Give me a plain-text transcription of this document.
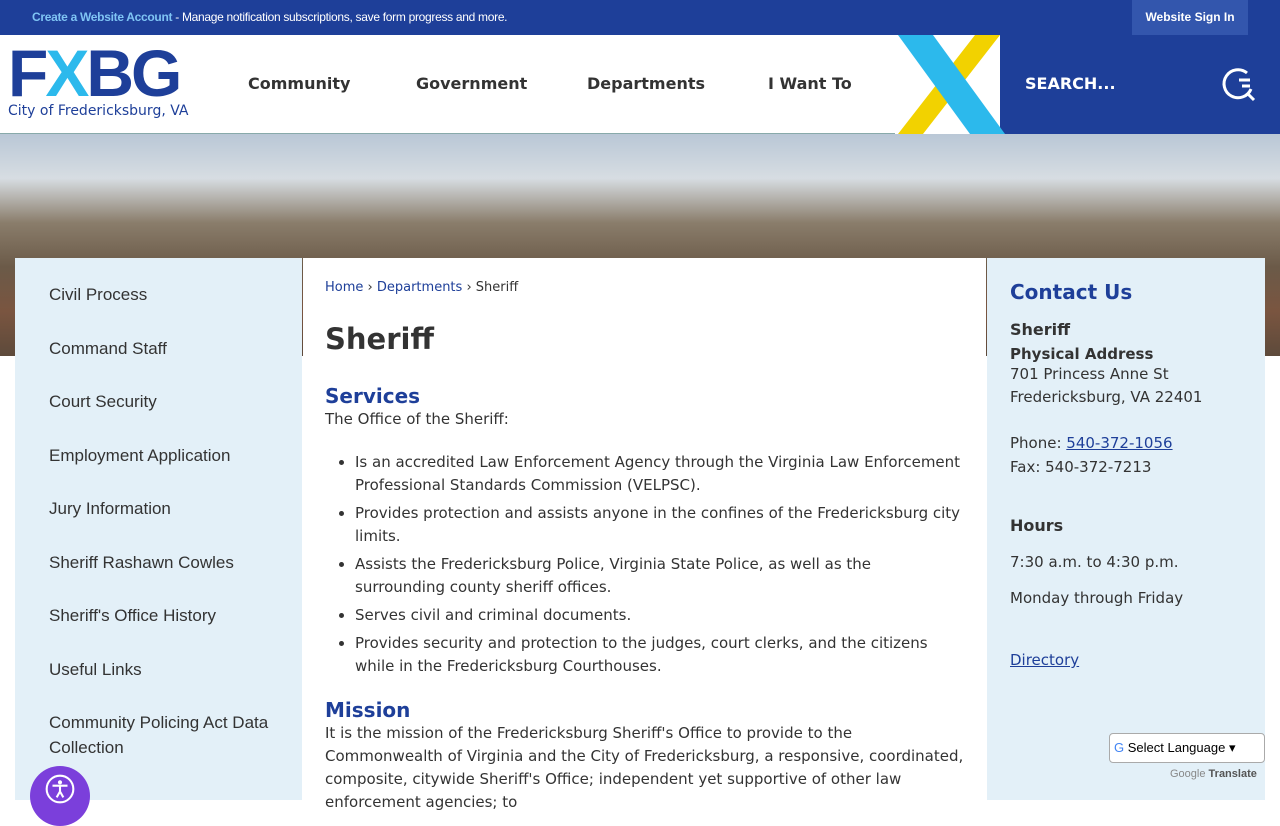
Create a Website Account - Manage notification subscriptions, save form progress and more.	Website Sign In
FXBG
City of Fredericksburg, VA
Community	Government	Departments	I Want To	SEARCH...
Civil Process
Command Staff
Court Security
Employment Application
Jury Information
Sheriff Rashawn Cowles
Sheriff's Office History
Useful Links
Community Policing Act Data Collection
Home › Departments › Sheriff
Sheriff
Services

The Office of the Sheriff:

• Is an accredited Law Enforcement Agency through the Virginia Law Enforcement Professional Standards Commission (VELPSC).
• Provides protection and assists anyone in the confines of the Fredericksburg city limits.
• Assists the Fredericksburg Police, Virginia State Police, as well as the surrounding county sheriff offices.
• Serves civil and criminal documents.
• Provides security and protection to the judges, court clerks, and the citizens while in the Fredericksburg Courthouses.
Mission

It is the mission of the Fredericksburg Sheriff's Office to provide to the Commonwealth of Virginia and the City of Fredericksburg, a responsive, coordinated, composite, citywide Sheriff's Office; independent yet supportive of other law enforcement agencies; to

Contact Us
Sheriff
Physical Address
701 Princess Anne St
Fredericksburg, VA 22401
Phone: 540-372-1056
Fax: 540-372-7213
Hours
7:30 a.m. to 4:30 p.m.
Monday through Friday
Directory
G Select Language ▾
Google Translate
